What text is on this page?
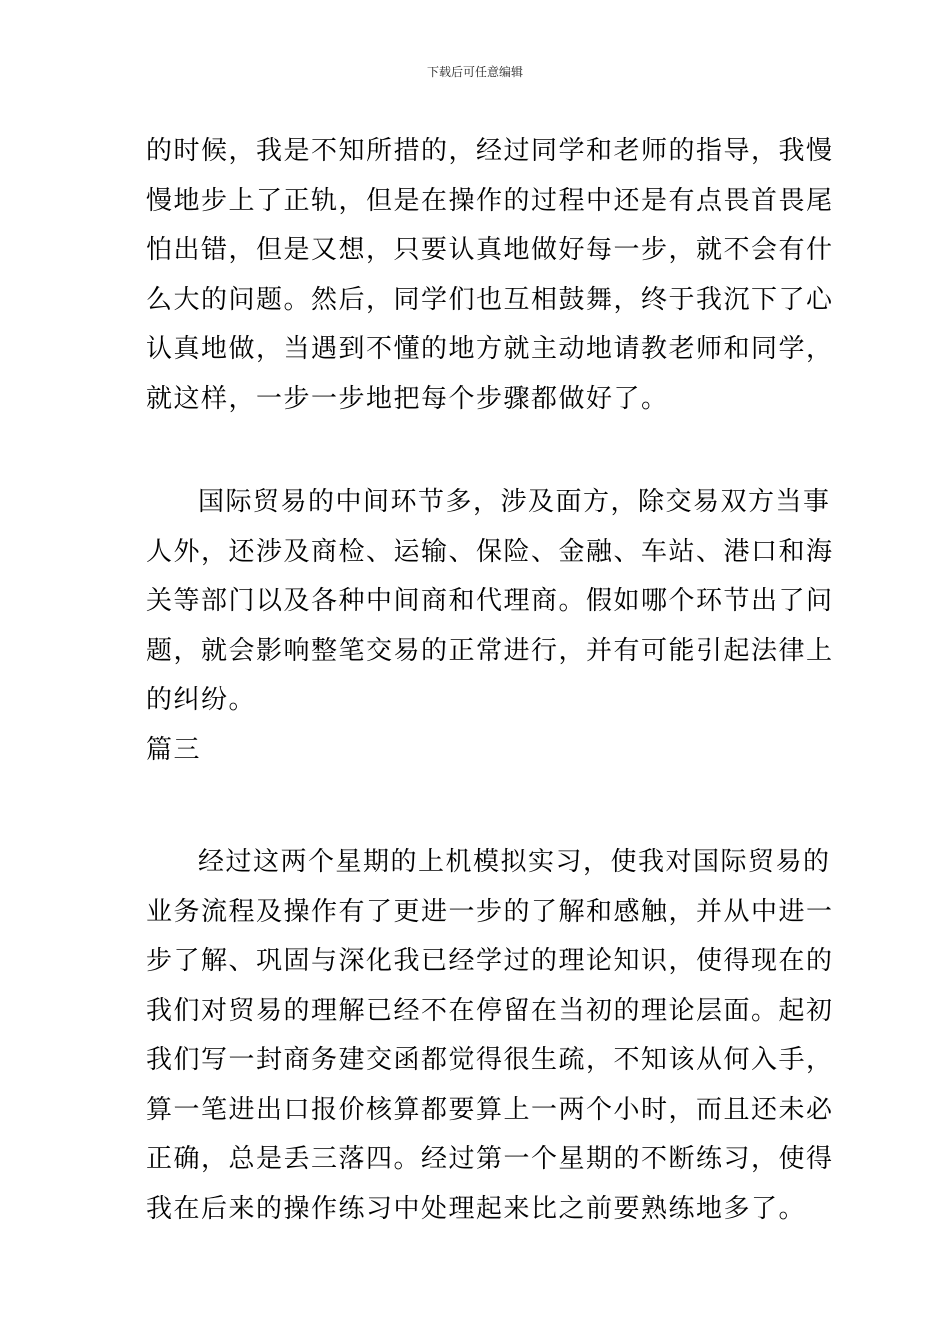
下载后可任意编辑
的时候，我是不知所措的，经过同学和老师的指导，我慢
慢地步上了正轨，但是在操作的过程中还是有点畏首畏尾
怕出错，但是又想，只要认真地做好每一步，就不会有什
么大的问题。然后，同学们也互相鼓舞，终于我沉下了心
认真地做，当遇到不懂的地方就主动地请教老师和同学，
就这样，一步一步地把每个步骤都做好了。
国际贸易的中间环节多，涉及面方，除交易双方当事
人外，还涉及商检、运输、保险、金融、车站、港口和海
关等部门以及各种中间商和代理商。假如哪个环节出了问
题，就会影响整笔交易的正常进行，并有可能引起法律上
的纠纷。
篇三
经过这两个星期的上机模拟实习，使我对国际贸易的
业务流程及操作有了更进一步的了解和感触，并从中进一
步了解、巩固与深化我已经学过的理论知识，使得现在的
我们对贸易的理解已经不在停留在当初的理论层面。起初
我们写一封商务建交函都觉得很生疏，不知该从何入手，
算一笔进出口报价核算都要算上一两个小时，而且还未必
正确，总是丢三落四。经过第一个星期的不断练习，使得
我在后来的操作练习中处理起来比之前要熟练地多了。
